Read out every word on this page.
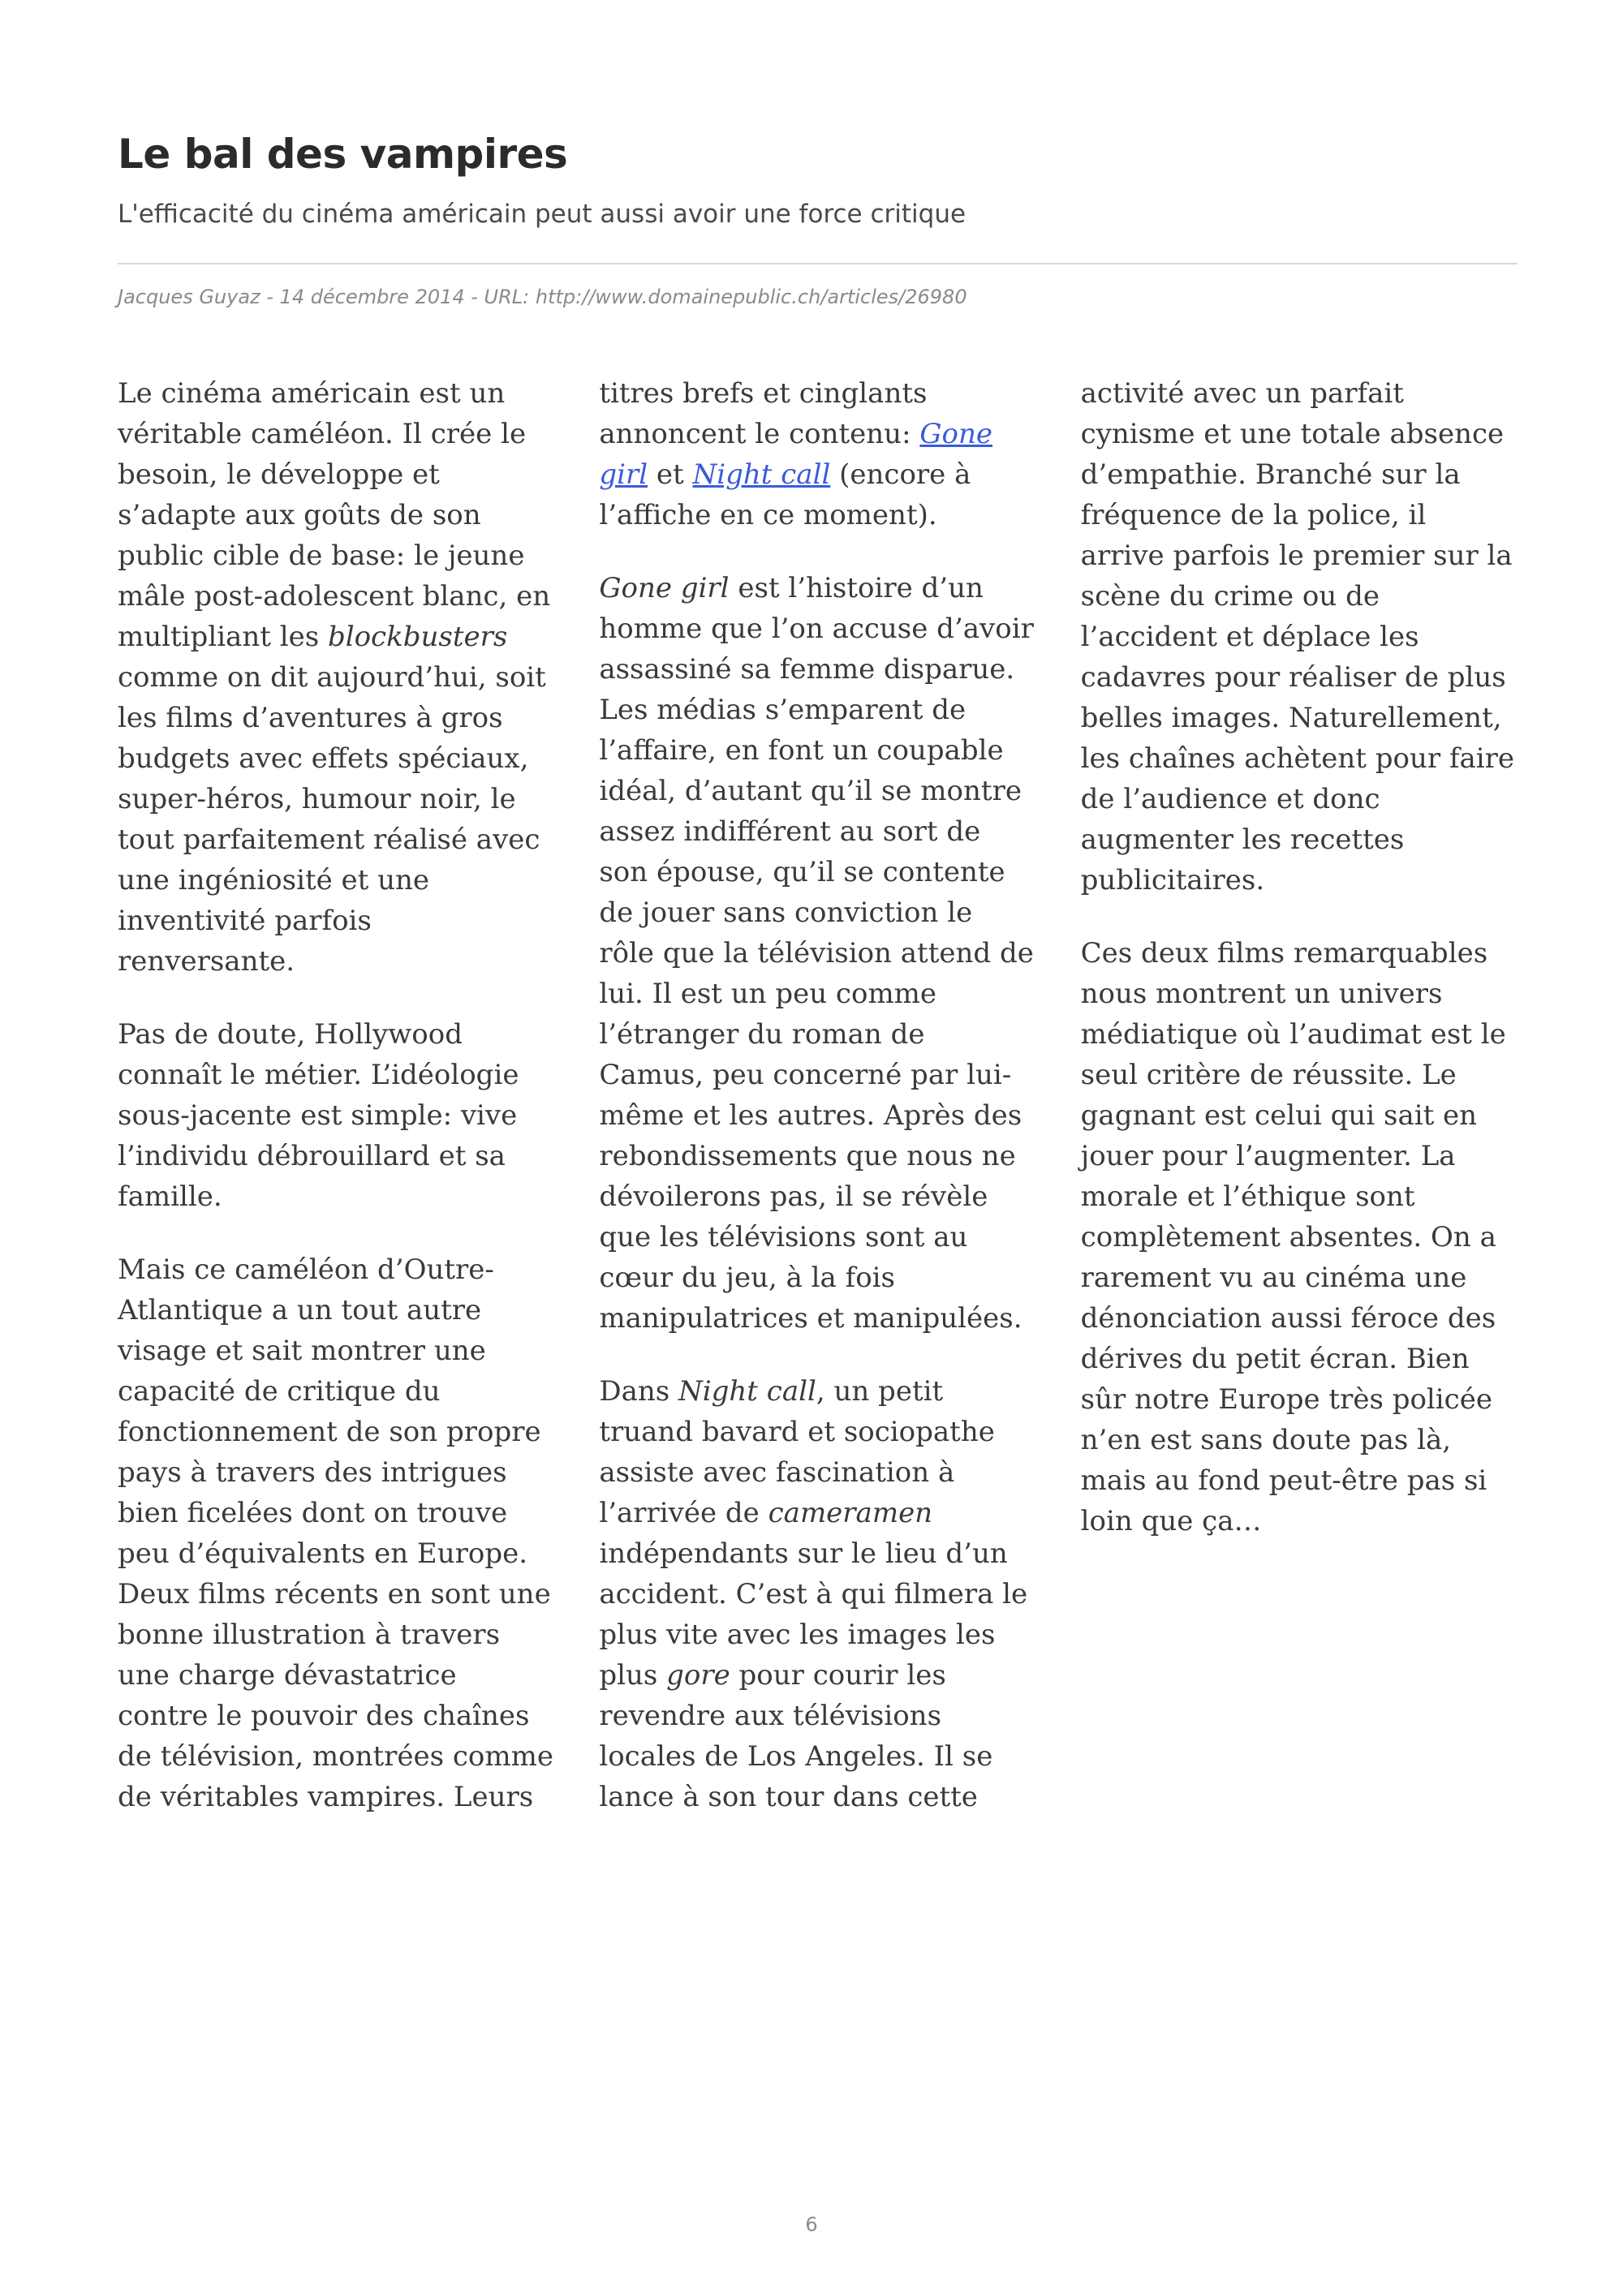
Le bal des vampires
L'efficacité du cinéma américain peut aussi avoir une force critique
Jacques Guyaz - 14 décembre 2014 - URL: http://www.domainepublic.ch/articles/26980

Le cinéma américain est un véritable caméléon. Il crée le besoin, le développe et s’adapte aux goûts de son public cible de base: le jeune mâle post-adolescent blanc, en multipliant les blockbusters comme on dit aujourd’hui, soit les films d’aventures à gros budgets avec effets spéciaux, super-héros, humour noir, le tout parfaitement réalisé avec une ingéniosité et une inventivité parfois renversante.

Pas de doute, Hollywood connaît le métier. L’idéologie sous-jacente est simple: vive l’individu débrouillard et sa famille.

Mais ce caméléon d’Outre-Atlantique a un tout autre visage et sait montrer une capacité de critique du fonctionnement de son propre pays à travers des intrigues bien ficelées dont on trouve peu d’équivalents en Europe. Deux films récents en sont une bonne illustration à travers une charge dévastatrice contre le pouvoir des chaînes de télévision, montrées comme de véritables vampires. Leurs titres brefs et cinglants annoncent le contenu: Gone girl et Night call (encore à l’affiche en ce moment).

Gone girl est l’histoire d’un homme que l’on accuse d’avoir assassiné sa femme disparue. Les médias s’emparent de l’affaire, en font un coupable idéal, d’autant qu’il se montre assez indifférent au sort de son épouse, qu’il se contente de jouer sans conviction le rôle que la télévision attend de lui. Il est un peu comme l’étranger du roman de Camus, peu concerné par lui-même et les autres. Après des rebondissements que nous ne dévoilerons pas, il se révèle que les télévisions sont au cœur du jeu, à la fois manipulatrices et manipulées.

Dans Night call, un petit truand bavard et sociopathe assiste avec fascination à l’arrivée de cameramen indépendants sur le lieu d’un accident. C’est à qui filmera le plus vite avec les images les plus gore pour courir les revendre aux télévisions locales de Los Angeles. Il se lance à son tour dans cette activité avec un parfait cynisme et une totale absence d’empathie. Branché sur la fréquence de la police, il arrive parfois le premier sur la scène du crime ou de l’accident et déplace les cadavres pour réaliser de plus belles images. Naturellement, les chaînes achètent pour faire de l’audience et donc augmenter les recettes publicitaires.

Ces deux films remarquables nous montrent un univers médiatique où l’audimat est le seul critère de réussite. Le gagnant est celui qui sait en jouer pour l’augmenter. La morale et l’éthique sont complètement absentes. On a rarement vu au cinéma une dénonciation aussi féroce des dérives du petit écran. Bien sûr notre Europe très policée n’en est sans doute pas là, mais au fond peut-être pas si loin que ça…

6
